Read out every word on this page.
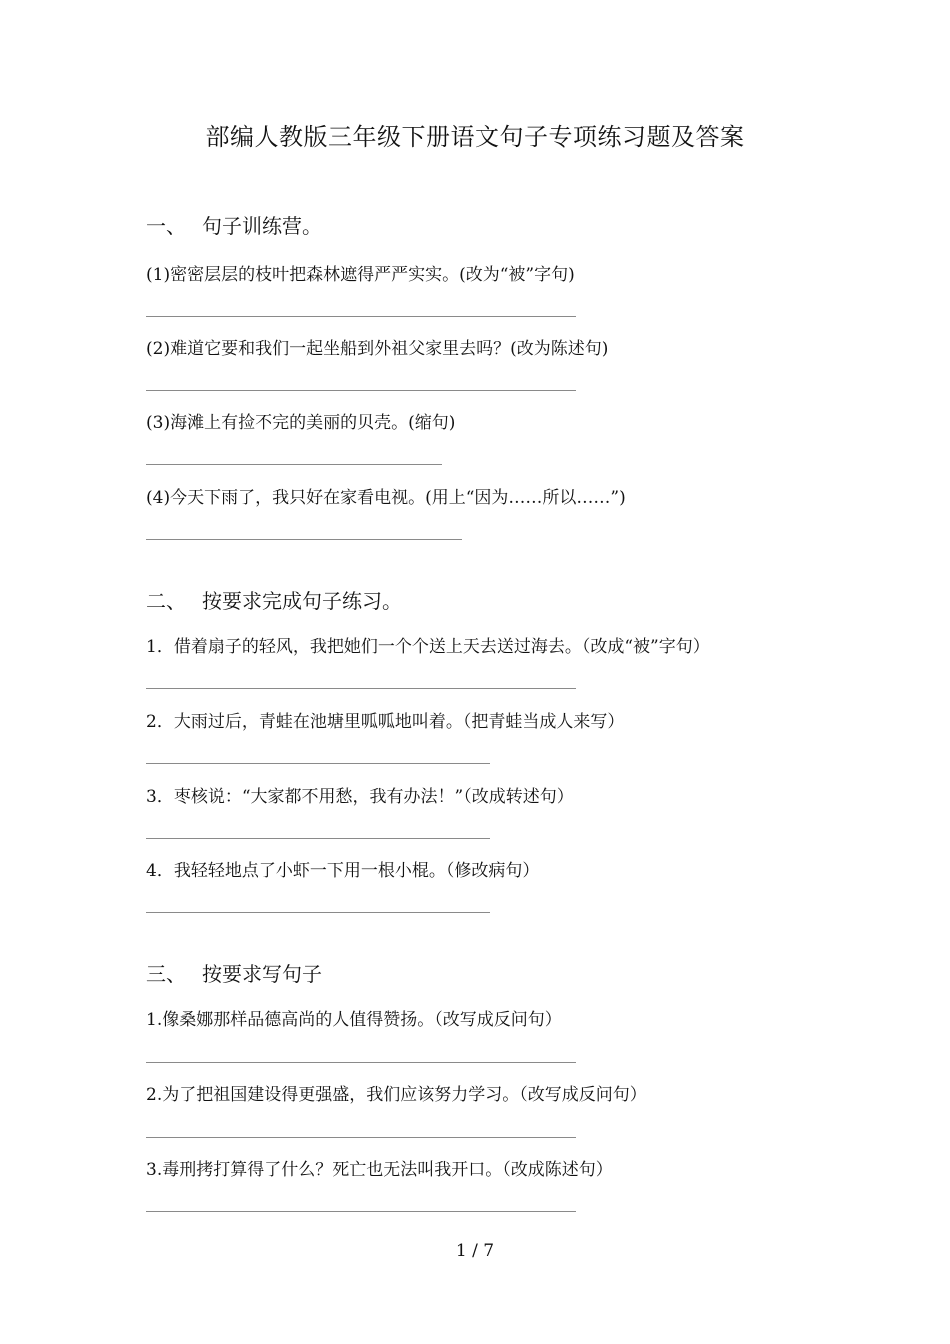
部编人教版三年级下册语文句子专项练习题及答案
一、 句子训练营。
(1)密密层层的枝叶把森林遮得严严实实。(改为“被”字句)
(2)难道它要和我们一起坐船到外祖父家里去吗？(改为陈述句)
(3)海滩上有捡不完的美丽的贝壳。(缩句)
(4)今天下雨了，我只好在家看电视。(用上“因为……所以……”)
二、 按要求完成句子练习。
1．借着扇子的轻风，我把她们一个个送上天去送过海去。（改成“被”字句）
2．大雨过后，青蛙在池塘里呱呱地叫着。（把青蛙当成人来写）
3．枣核说：“大家都不用愁，我有办法！”（改成转述句）
4．我轻轻地点了小虾一下用一根小棍。（修改病句）
三、 按要求写句子
1.像桑娜那样品德高尚的人值得赞扬。（改写成反问句）
2.为了把祖国建设得更强盛，我们应该努力学习。（改写成反问句）
3.毒刑拷打算得了什么？死亡也无法叫我开口。（改成陈述句）
1 / 7
